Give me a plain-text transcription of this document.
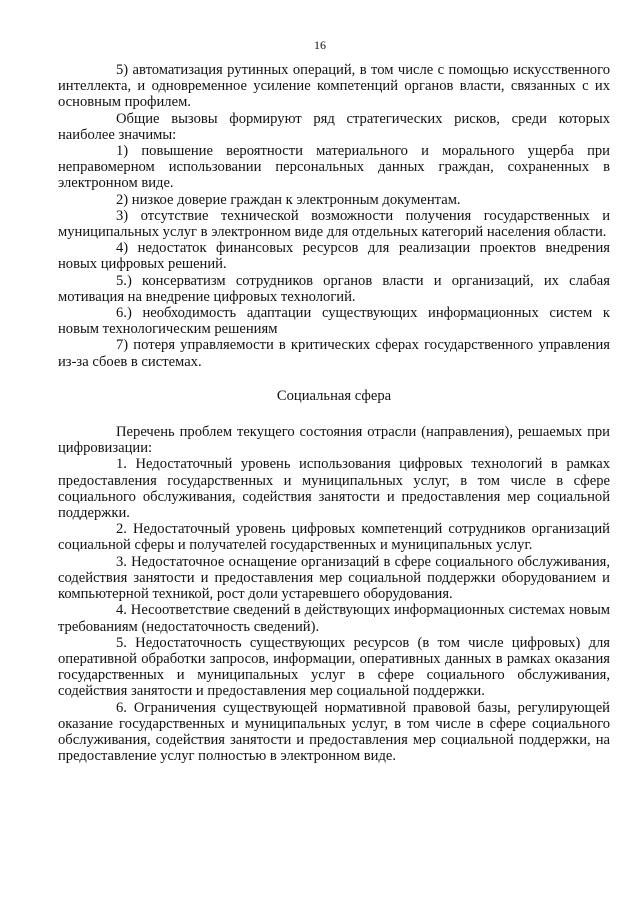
16

5) автоматизация рутинных операций, в том числе с помощью искусственного интеллекта, и одновременное усиление компетенций органов власти, связанных с их основным профилем.

Общие вызовы формируют ряд стратегических рисков, среди которых наиболее значимы:

1) повышение вероятности материального и морального ущерба при неправомерном использовании персональных данных граждан, сохраненных в электронном виде.

2) низкое доверие граждан к электронным документам.

3) отсутствие технической возможности получения государственных и муниципальных услуг в электронном виде для отдельных категорий населения области.

4) недостаток финансовых ресурсов для реализации проектов внедрения новых цифровых решений.

5.) консерватизм сотрудников органов власти и организаций, их слабая мотивация на внедрение цифровых технологий.

6.) необходимость адаптации существующих информационных систем к новым технологическим решениям

7) потеря управляемости в критических сферах государственного управления из-за сбоев в системах.

Социальная сфера

Перечень проблем текущего состояния отрасли (направления), решаемых при цифровизации:

1. Недостаточный уровень использования цифровых технологий в рамках предоставления государственных и муниципальных услуг, в том числе в сфере социального обслуживания, содействия занятости и предоставления мер социальной поддержки.

2. Недостаточный уровень цифровых компетенций сотрудников организаций социальной сферы и получателей государственных и муниципальных услуг.

3. Недостаточное оснащение организаций в сфере социального обслуживания, содействия занятости и предоставления мер социальной поддержки оборудованием и компьютерной техникой, рост доли устаревшего оборудования.

4. Несоответствие сведений в действующих информационных системах новым требованиям (недостаточность сведений).

5. Недостаточность существующих ресурсов (в том числе цифровых) для оперативной обработки запросов, информации, оперативных данных в рамках оказания государственных и муниципальных услуг в сфере социального обслуживания, содействия занятости и предоставления мер социальной поддержки.

6. Ограничения существующей нормативной правовой базы, регулирующей оказание государственных и муниципальных услуг, в том числе в сфере социального обслуживания, содействия занятости и предоставления мер социальной поддержки, на предоставление услуг полностью в электронном виде.
